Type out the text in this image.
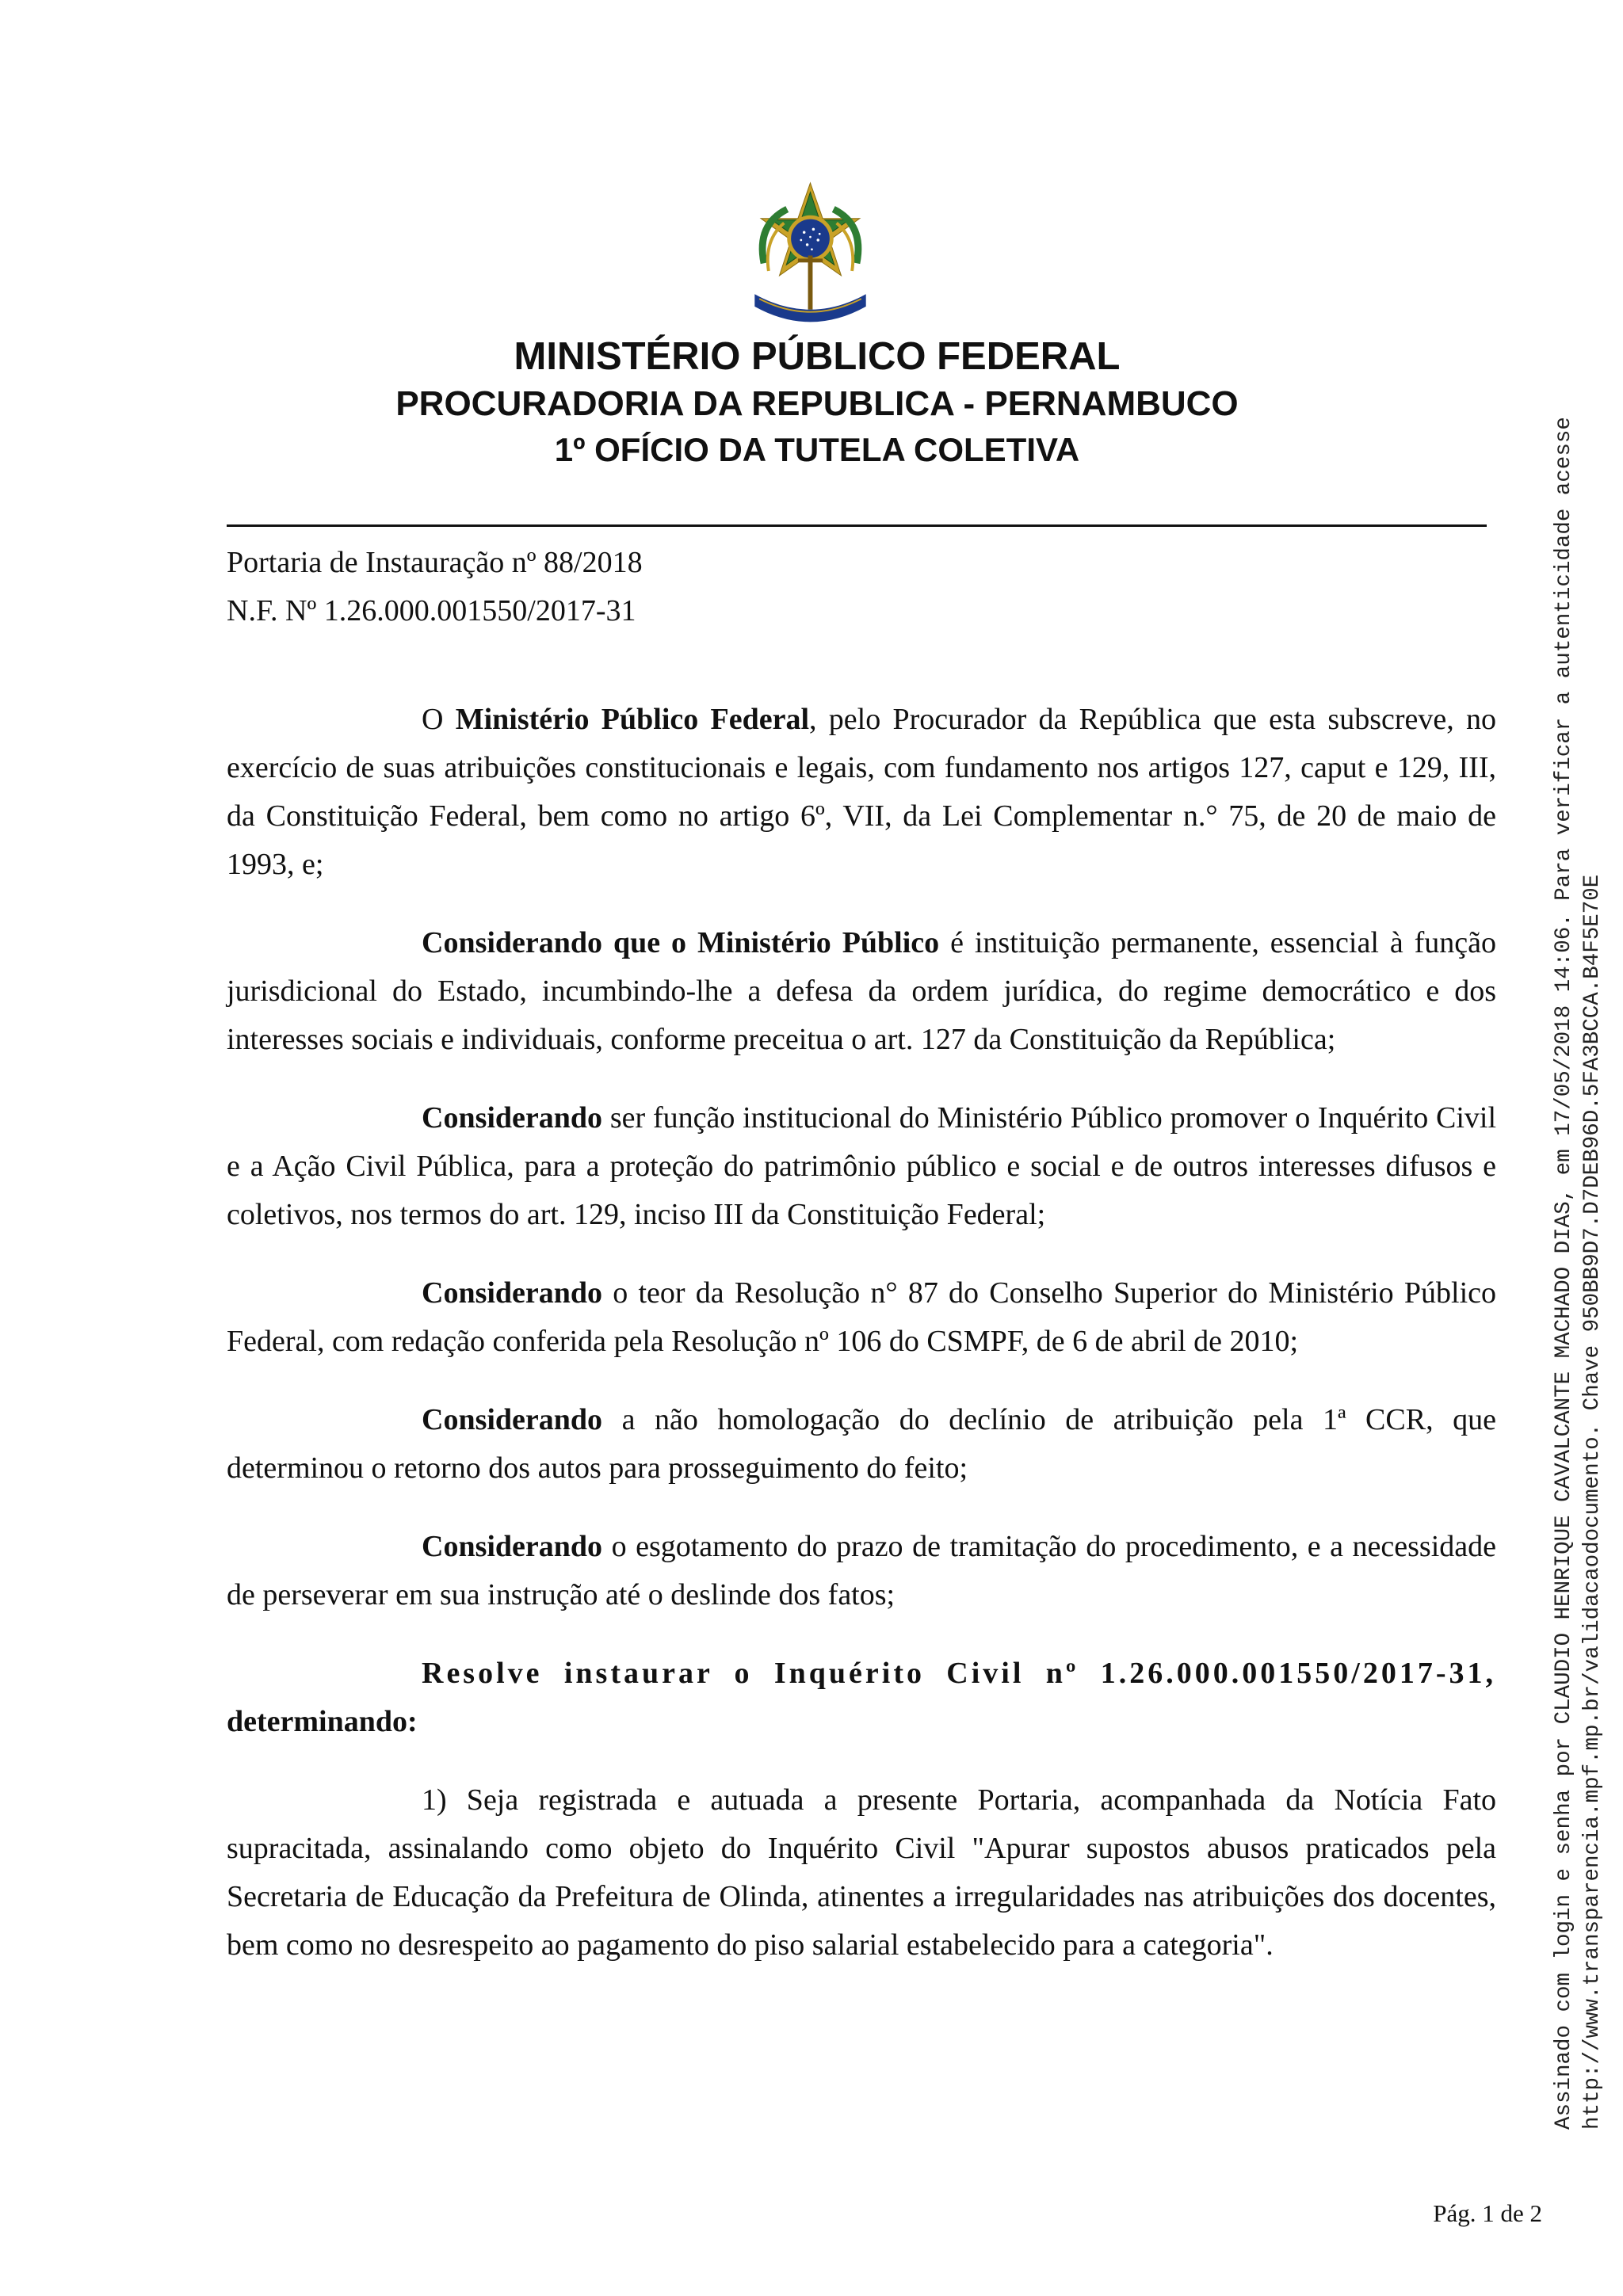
MINISTÉRIO PÚBLICO FEDERAL
PROCURADORIA DA REPUBLICA - PERNAMBUCO
1º OFÍCIO DA TUTELA COLETIVA
Portaria de Instauração nº 88/2018
N.F. Nº 1.26.000.001550/2017-31

O Ministério Público Federal, pelo Procurador da República que esta subscreve, no exercício de suas atribuições constitucionais e legais, com fundamento nos artigos 127, caput e 129, III, da Constituição Federal, bem como no artigo 6º, VII, da Lei Complementar n.° 75, de 20 de maio de 1993, e;

Considerando que o Ministério Público é instituição permanente, essencial à função jurisdicional do Estado, incumbindo-lhe a defesa da ordem jurídica, do regime democrático e dos interesses sociais e individuais, conforme preceitua o art. 127 da Constituição da República;

Considerando ser função institucional do Ministério Público promover o Inquérito Civil e a Ação Civil Pública, para a proteção do patrimônio público e social e de outros interesses difusos e coletivos, nos termos do art. 129, inciso III da Constituição Federal;

Considerando o teor da Resolução n° 87 do Conselho Superior do Ministério Público Federal, com redação conferida pela Resolução nº 106 do CSMPF, de 6 de abril de 2010;

Considerando a não homologação do declínio de atribuição pela 1ª CCR, que determinou o retorno dos autos para prosseguimento do feito;

Considerando o esgotamento do prazo de tramitação do procedimento, e a necessidade de perseverar em sua instrução até o deslinde dos fatos;

Resolve instaurar o Inquérito Civil nº 1.26.000.001550/2017-31, determinando:

1) Seja registrada e autuada a presente Portaria, acompanhada da Notícia Fato supracitada, assinalando como objeto do Inquérito Civil "Apurar supostos abusos praticados pela Secretaria de Educação da Prefeitura de Olinda, atinentes a irregularidades nas atribuições dos docentes, bem como no desrespeito ao pagamento do piso salarial estabelecido para a categoria".

Pág. 1 de 2
Assinado com login e senha por CLAUDIO HENRIQUE CAVALCANTE MACHADO DIAS, em 17/05/2018 14:06. Para verificar a autenticidade acesse http://www.transparencia.mpf.mp.br/validacaodocumento. Chave 950BB9D7.D7DEB96D.5FA3BCCA.B4F5E70E
